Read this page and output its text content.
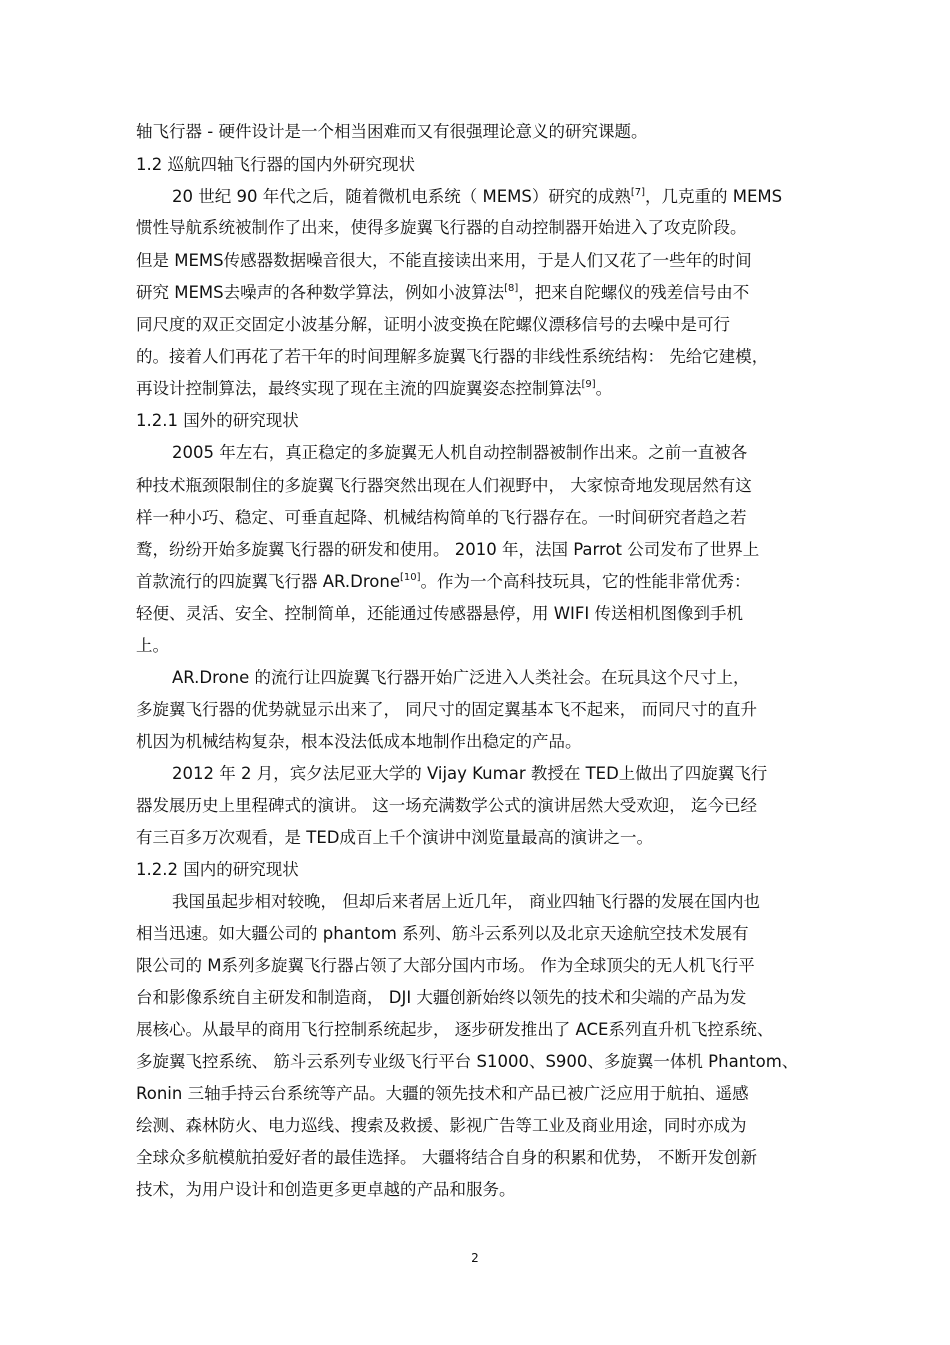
轴飞行器 - 硬件设计是一个相当困难而又有很强理论意义的研究课题。
1.2 巡航四轴飞行器的国内外研究现状
20 世纪 90 年代之后，随着微机电系统（ MEMS）研究的成熟[7]，几克重的 MEMS
惯性导航系统被制作了出来，使得多旋翼飞行器的自动控制器开始进入了攻克阶段。
但是 MEMS传感器数据噪音很大，不能直接读出来用，于是人们又花了一些年的时间
研究 MEMS去噪声的各种数学算法，例如小波算法[8]，把来自陀螺仪的残差信号由不
同尺度的双正交固定小波基分解，证明小波变换在陀螺仪漂移信号的去噪中是可行
的。接着人们再花了若干年的时间理解多旋翼飞行器的非线性系统结构： 先给它建模，
再设计控制算法，最终实现了现在主流的四旋翼姿态控制算法[9]。
1.2.1 国外的研究现状
2005 年左右，真正稳定的多旋翼无人机自动控制器被制作出来。之前一直被各
种技术瓶颈限制住的多旋翼飞行器突然出现在人们视野中， 大家惊奇地发现居然有这
样一种小巧、稳定、可垂直起降、机械结构简单的飞行器存在。一时间研究者趋之若
鹜，纷纷开始多旋翼飞行器的研发和使用。 2010 年，法国 Parrot 公司发布了世界上
首款流行的四旋翼飞行器 AR.Drone[10]。作为一个高科技玩具，它的性能非常优秀：
轻便、灵活、安全、控制简单，还能通过传感器悬停，用 WIFI 传送相机图像到手机
上。
AR.Drone 的流行让四旋翼飞行器开始广泛进入人类社会。在玩具这个尺寸上，
多旋翼飞行器的优势就显示出来了， 同尺寸的固定翼基本飞不起来， 而同尺寸的直升
机因为机械结构复杂，根本没法低成本地制作出稳定的产品。
2012 年 2 月，宾夕法尼亚大学的 Vijay Kumar 教授在 TED上做出了四旋翼飞行
器发展历史上里程碑式的演讲。 这一场充满数学公式的演讲居然大受欢迎， 迄今已经
有三百多万次观看，是 TED成百上千个演讲中浏览量最高的演讲之一。
1.2.2 国内的研究现状
我国虽起步相对较晚， 但却后来者居上近几年， 商业四轴飞行器的发展在国内也
相当迅速。如大疆公司的 phantom 系列、筋斗云系列以及北京天途航空技术发展有
限公司的 M系列多旋翼飞行器占领了大部分国内市场。 作为全球顶尖的无人机飞行平
台和影像系统自主研发和制造商， DJI 大疆创新始终以领先的技术和尖端的产品为发
展核心。从最早的商用飞行控制系统起步， 逐步研发推出了 ACE系列直升机飞控系统、
多旋翼飞控系统、 筋斗云系列专业级飞行平台 S1000、S900、多旋翼一体机 Phantom、
Ronin 三轴手持云台系统等产品。大疆的领先技术和产品已被广泛应用于航拍、遥感
绘测、森林防火、电力巡线、搜索及救援、影视广告等工业及商业用途，同时亦成为
全球众多航模航拍爱好者的最佳选择。 大疆将结合自身的积累和优势， 不断开发创新
技术，为用户设计和创造更多更卓越的产品和服务。
2
